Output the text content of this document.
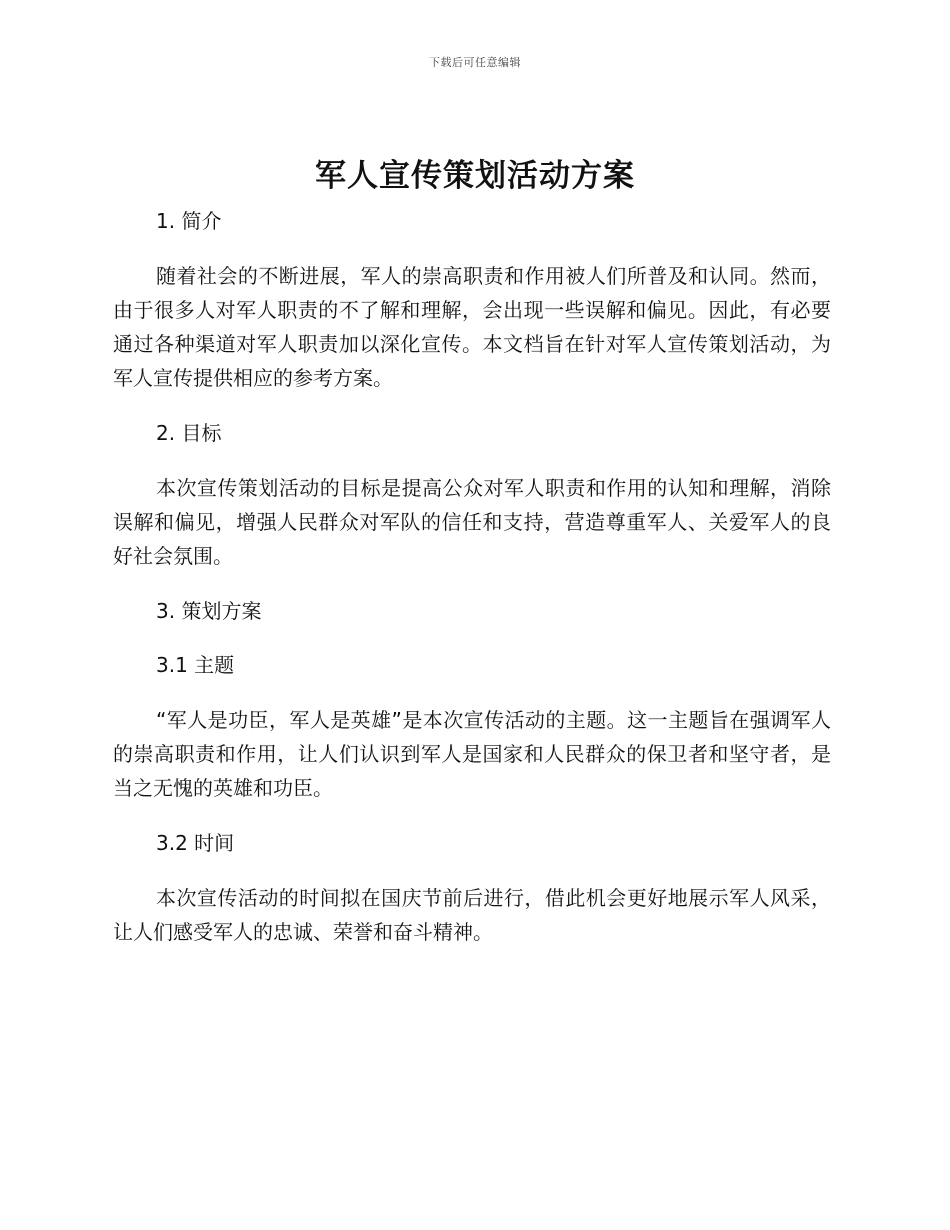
下载后可任意编辑
军人宣传策划活动方案
1. 简介

随着社会的不断进展，军人的崇高职责和作用被人们所普及和认同。然而，由于很多人对军人职责的不了解和理解，会出现一些误解和偏见。因此，有必要通过各种渠道对军人职责加以深化宣传。本文档旨在针对军人宣传策划活动，为军人宣传提供相应的参考方案。

2. 目标

本次宣传策划活动的目标是提高公众对军人职责和作用的认知和理解，消除误解和偏见，增强人民群众对军队的信任和支持，营造尊重军人、关爱军人的良好社会氛围。

3. 策划方案
3.1 主题

“军人是功臣，军人是英雄”是本次宣传活动的主题。这一主题旨在强调军人的崇高职责和作用，让人们认识到军人是国家和人民群众的保卫者和坚守者，是当之无愧的英雄和功臣。

3.2 时间

本次宣传活动的时间拟在国庆节前后进行，借此机会更好地展示军人风采，让人们感受军人的忠诚、荣誉和奋斗精神。
